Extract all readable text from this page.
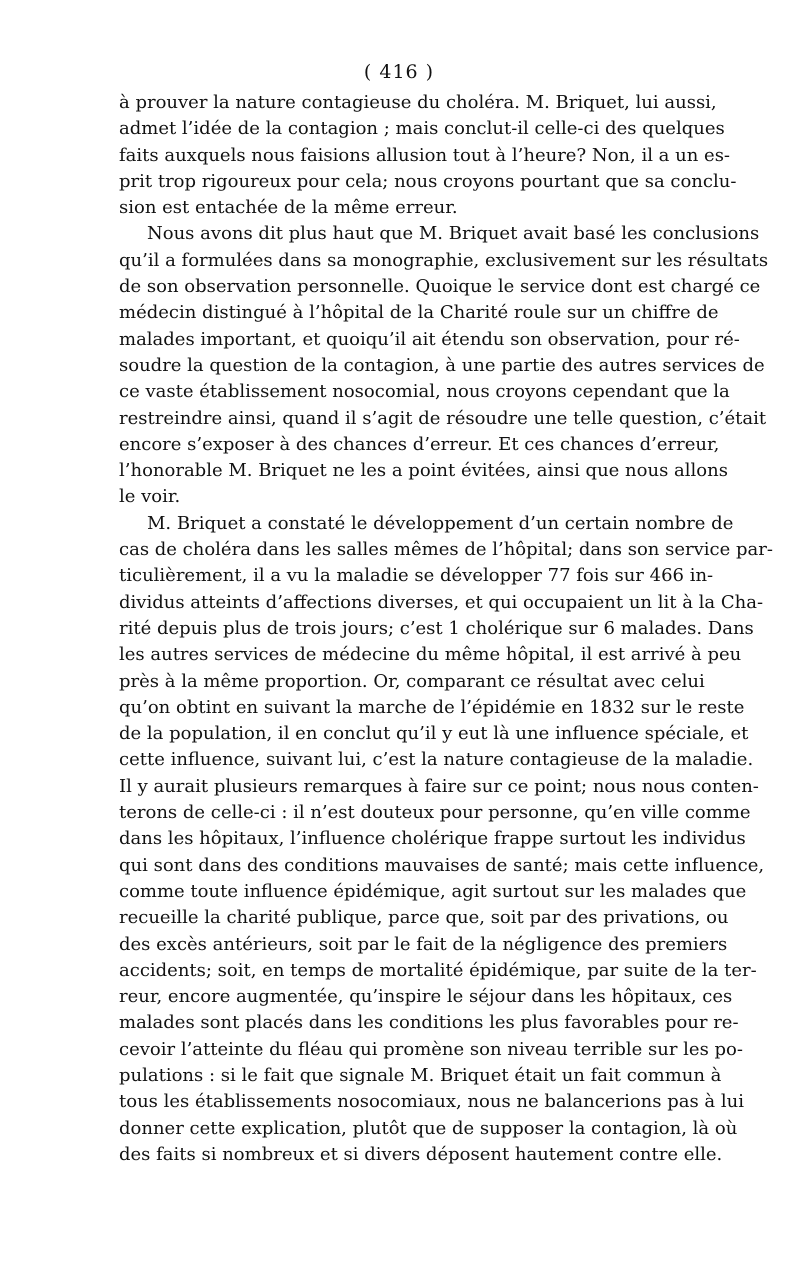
( 416 )
à prouver la nature contagieuse du choléra. M. Briquet, lui aussi,
admet l’idée de la contagion ; mais conclut-il celle-ci des quelques
faits auxquels nous faisions allusion tout à l’heure? Non, il a un es-
prit trop rigoureux pour cela; nous croyons pourtant que sa conclu-
sion est entachée de la même erreur.
Nous avons dit plus haut que M. Briquet avait basé les conclusions
qu’il a formulées dans sa monographie, exclusivement sur les résultats
de son observation personnelle. Quoique le service dont est chargé ce
médecin distingué à l’hôpital de la Charité roule sur un chiffre de
malades important, et quoiqu’il ait étendu son observation, pour ré-
soudre la question de la contagion, à une partie des autres services de
ce vaste établissement nosocomial, nous croyons cependant que la
restreindre ainsi, quand il s’agit de résoudre une telle question, c’était
encore s’exposer à des chances d’erreur. Et ces chances d’erreur,
l’honorable M. Briquet ne les a point évitées, ainsi que nous allons
le voir.
M. Briquet a constaté le développement d’un certain nombre de
cas de choléra dans les salles mêmes de l’hôpital; dans son service par-
ticulièrement, il a vu la maladie se développer 77 fois sur 466 in-
dividus atteints d’affections diverses, et qui occupaient un lit à la Cha-
rité depuis plus de trois jours; c’est 1 cholérique sur 6 malades. Dans
les autres services de médecine du même hôpital, il est arrivé à peu
près à la même proportion. Or, comparant ce résultat avec celui
qu’on obtint en suivant la marche de l’épidémie en 1832 sur le reste
de la population, il en conclut qu’il y eut là une influence spéciale, et
cette influence, suivant lui, c’est la nature contagieuse de la maladie.
Il y aurait plusieurs remarques à faire sur ce point; nous nous conten-
terons de celle-ci : il n’est douteux pour personne, qu’en ville comme
dans les hôpitaux, l’influence cholérique frappe surtout les individus
qui sont dans des conditions mauvaises de santé; mais cette influence,
comme toute influence épidémique, agit surtout sur les malades que
recueille la charité publique, parce que, soit par des privations, ou
des excès antérieurs, soit par le fait de la négligence des premiers
accidents; soit, en temps de mortalité épidémique, par suite de la ter-
reur, encore augmentée, qu’inspire le séjour dans les hôpitaux, ces
malades sont placés dans les conditions les plus favorables pour re-
cevoir l’atteinte du fléau qui promène son niveau terrible sur les po-
pulations : si le fait que signale M. Briquet était un fait commun à
tous les établissements nosocomiaux, nous ne balancerions pas à lui
donner cette explication, plutôt que de supposer la contagion, là où
des faits si nombreux et si divers déposent hautement contre elle.
